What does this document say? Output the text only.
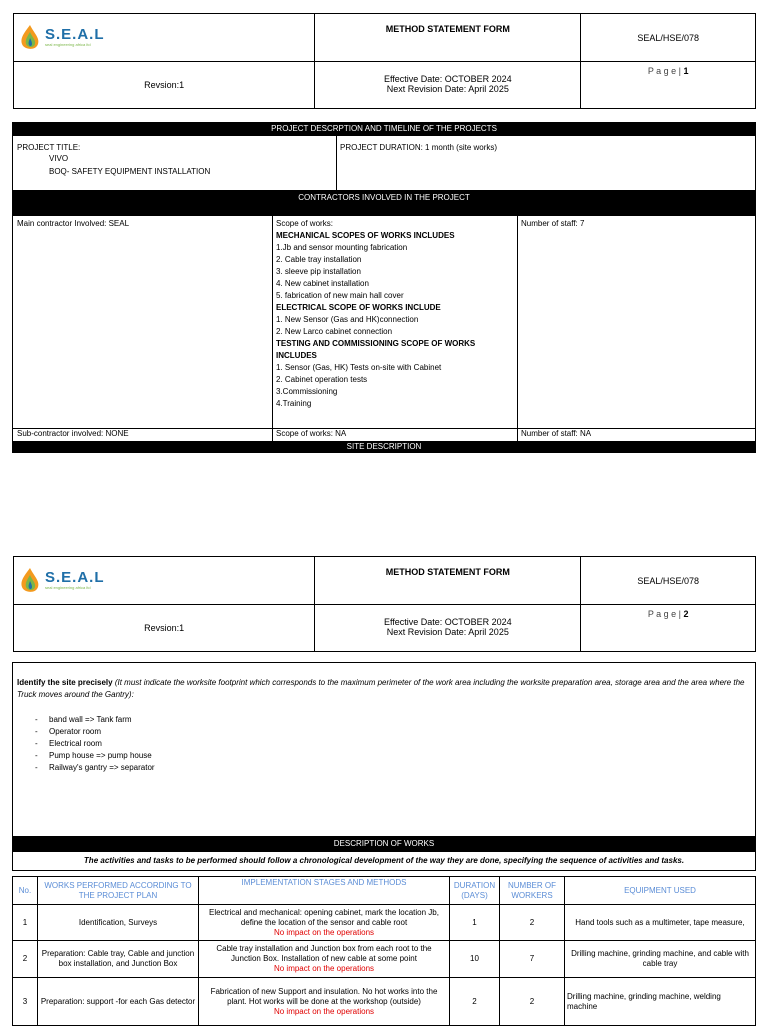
S.E.A.L
seal engineering africa ltd	METHOD STATEMENT FORM	SEAL/HSE/078
Revsion:1	Effective Date: OCTOBER 2024
Next Revision Date: April 2025	P a g e | 1
PROJECT DESCRPTION AND TIMELINE OF THE PROJECTS
PROJECT TITLE:
VIVO
BOQ- SAFETY EQUIPMENT INSTALLATION
PROJECT DURATION: 1 month (site works)
CONTRACTORS INVOLVED IN THE PROJECT
Main contractor Involved: SEAL	Scope of works:
MECHANICAL SCOPES OF WORKS INCLUDES
1.Jb and sensor mounting fabrication
2. Cable tray installation
3. sleeve pip installation
4. New cabinet installation
5. fabrication of new main hall cover
ELECTRICAL SCOPE OF WORKS INCLUDE
1. New Sensor (Gas and HK)connection
2. New Larco cabinet connection
TESTING AND COMMISSIONING SCOPE OF WORKS INCLUDES
1. Sensor (Gas, HK) Tests on-site with Cabinet
2. Cabinet operation tests
3.Commissioning
4.Training
Number of staff: 7
Sub-contractor involved: NONE	Scope of works: NA	Number of staff: NA
SITE DESCRIPTION
S.E.A.L
seal engineering africa ltd	METHOD STATEMENT FORM	SEAL/HSE/078
Revsion:1	Effective Date: OCTOBER 2024
Next Revision Date: April 2025	P a g e | 2
Identify the site precisely (It must indicate the worksite footprint which corresponds to the maximum perimeter of the work area including the worksite preparation area, storage area and the area where the Truck moves around the Gantry):
- band wall => Tank farm
- Operator room
- Electrical room
- Pump house => pump house
- Railway's gantry => separator
DESCRIPTION OF WORKS
The activities and tasks to be performed should follow a chronological development of the way they are done, specifying the sequence of activities and tasks.
No.	WORKS PERFORMED ACCORDING TO THE PROJECT PLAN	IMPLEMENTATION STAGES AND METHODS	DURATION (DAYS)	NUMBER OF WORKERS	EQUIPMENT USED
1	Identification, Surveys	Electrical and mechanical: opening cabinet, mark the location Jb, define the location of the sensor and cable root
No impact on the operations	1	2	Hand tools such as a multimeter, tape measure,
2	Preparation: Cable tray, Cable and junction box installation, and Junction Box	Cable tray installation and Junction box from each root to the Junction Box. Installation of new cable at some point
No impact on the operations	10	7	Drilling machine, grinding machine, and cable with cable tray
3	Preparation: support -for each Gas detector	Fabrication of new Support and insulation. No hot works into the plant. Hot works will be done at the workshop (outside)
No impact on the operations	2	2	Drilling machine, grinding machine, welding machine
